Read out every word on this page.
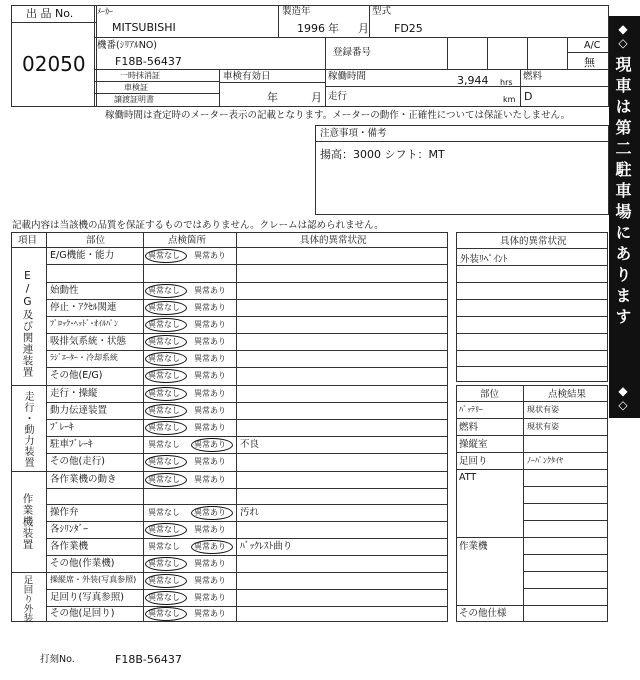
出 品 No.
02050
ﾒｰｶｰ
MITSUBISHI
製造年
1996 年 月
型式
FD25
機番(ｼﾘｱﾙNO)
F18B-56437
登録番号
A/C
無
一時抹消証
車検証
譲渡証明書
車検有効日
年	月
稼働時間	3,944 hrs
走行	km
燃料
D
稼働時間は査定時のメーター表示の記載となります。メーターの動作・正確性については保証いたしません。
注意事項・備考
揚高：3000 シフト：MT
記載内容は当該機の品質を保証するものではありません。クレームは認められません。
項目	部位	点検箇所	具体的異常状況
E/G及び関連装置
走行・動力装置
作業機装置
足回り外装
E/G機能・能力	異常なし 異常あり
始動性	異常なし 異常あり
停止・ｱｸｾﾙ関連	異常なし 異常あり
ﾌﾞﾛｯｸ･ﾍｯﾄﾞ･ｵｲﾙﾊﾟﾝ	異常なし 異常あり
吸排気系統・状態	異常なし 異常あり
ﾗｼﾞｴｰﾀｰ・冷却系統	異常なし 異常あり
その他(E/G)	異常なし 異常あり
走行・操縦	異常なし 異常あり
動力伝達装置	異常なし 異常あり
ﾌﾞﾚｰｷ	異常なし 異常あり
駐車ﾌﾞﾚｰｷ	異常なし 異常あり 不良
その他(走行)	異常なし 異常あり
各作業機の動き	異常なし 異常あり
操作弁	異常なし 異常あり 汚れ
各ｼﾘﾝﾀﾞｰ	異常なし 異常あり
各作業機	異常なし 異常あり ﾊﾞｯｸﾚｽﾄ曲り
その他(作業機)	異常なし 異常あり
操縦席・外装(写真参照) 異常なし 異常あり
足回り(写真参照)	異常なし 異常あり
その他(足回り)	異常なし 異常あり
具体的異常状況
外装ﾘﾍﾟｲﾝﾄ
部位	点検結果
ﾊﾞｯﾃﾘｰ	現状有姿
燃料	現状有姿
操縦室
足回り	ﾉｰﾊﾟﾝｸﾀｲﾔ
ATT
作業機
その他仕様
◆◇
現車は第二駐車場にあります
◆◇
打刻No.	F18B-56437
